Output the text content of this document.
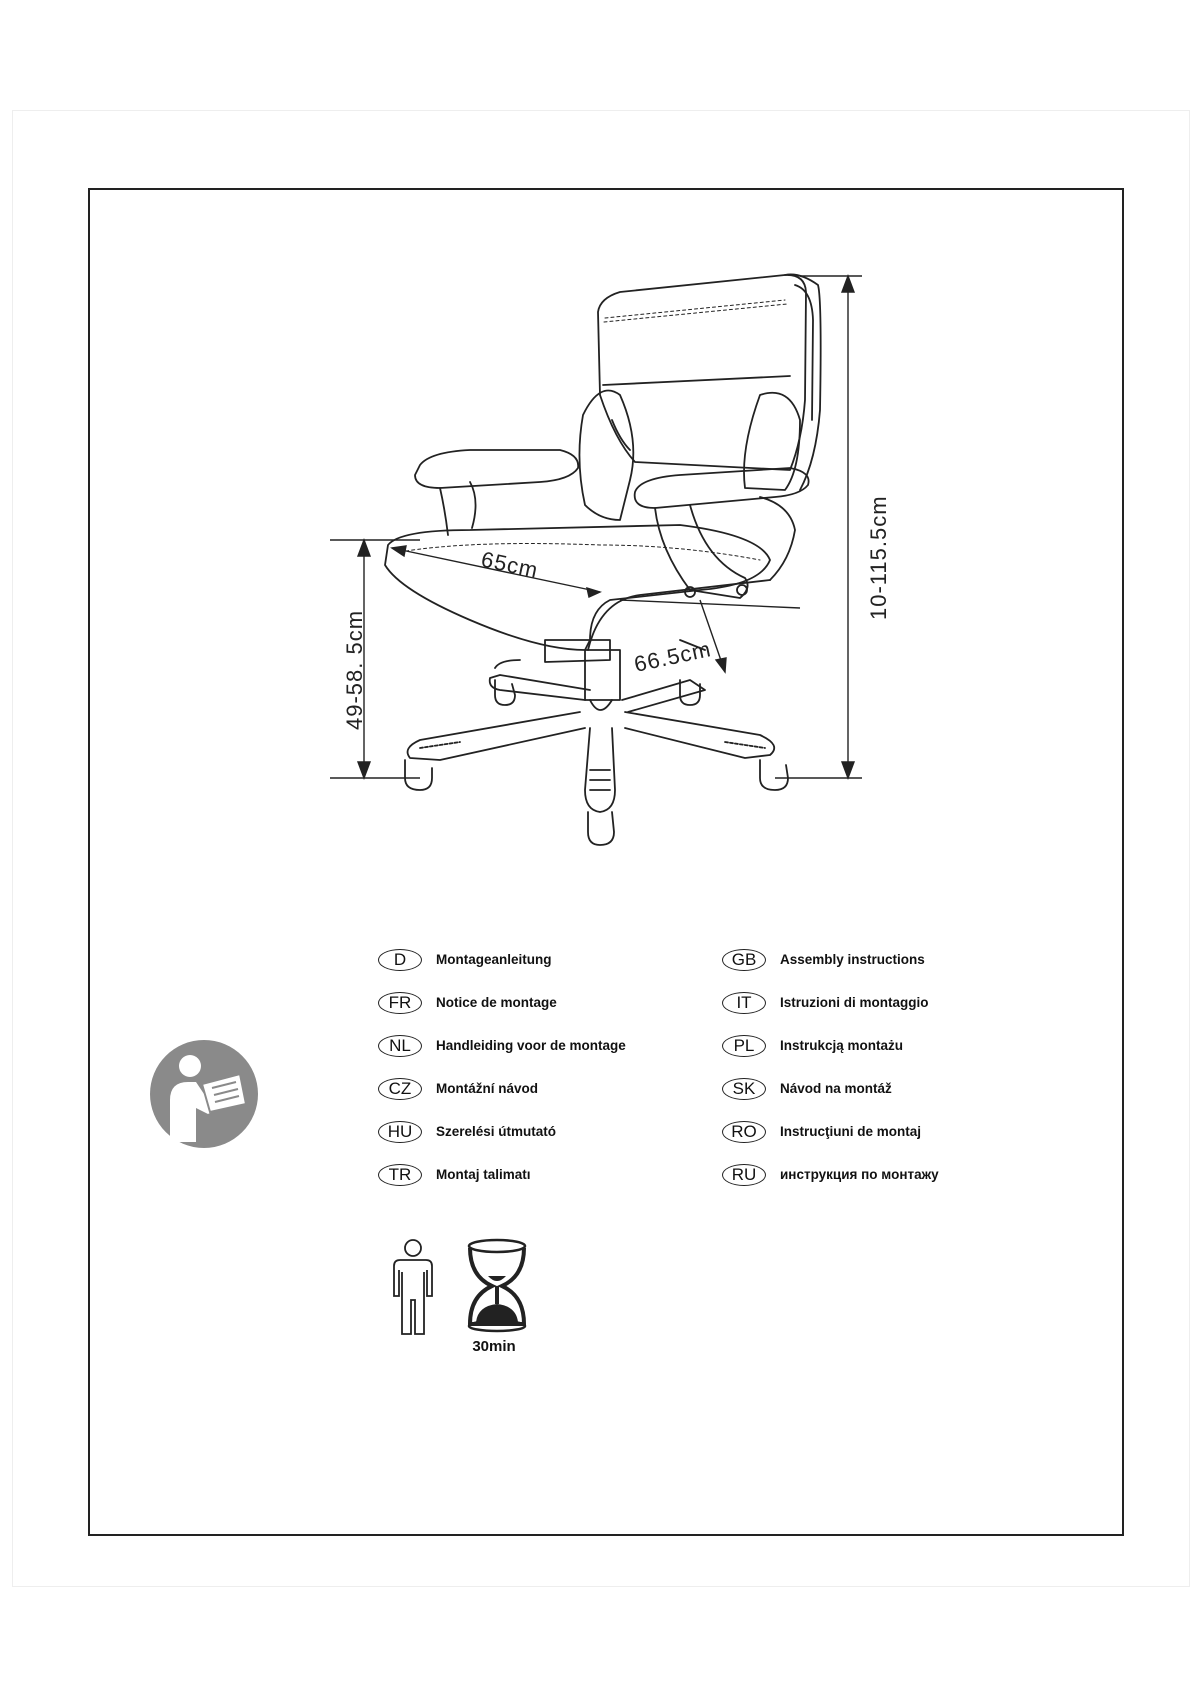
65cm
66.5cm
49-58. 5cm
10-115.5cm
D	Montageanleitung
FR	Notice de montage
NL	Handleiding voor de montage
CZ	Montážní návod
HU	Szerelési útmutató
TR	Montaj talimatı
GB	Assembly instructions
IT	Istruzioni di montaggio
PL	Instrukcją montażu
SK	Návod na montáž
RO	Instrucţiuni de montaj
RU	инструкция по монтажу
30min
